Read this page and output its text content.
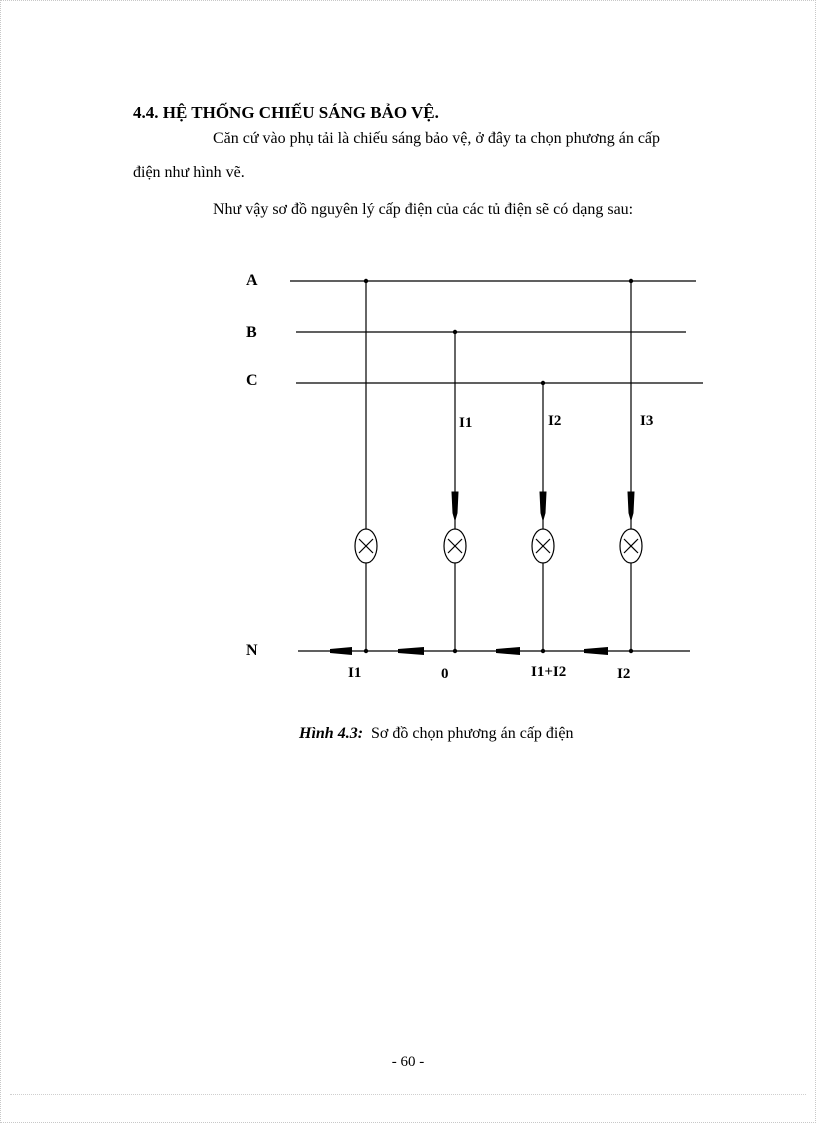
4.4. HỆ THỐNG CHIẾU SÁNG BẢO VỆ.
Căn cứ vào phụ tải là chiếu sáng bảo vệ, ở đây ta chọn phương án cấp
điện như hình vẽ.
Như vậy sơ đồ nguyên lý cấp điện của các tủ điện sẽ có dạng sau:
A
B
C
N
I1	I2	I3
I1	0	I1+I2	I2
Hình 4.3: Sơ đồ chọn phương án cấp điện
- 60 -
